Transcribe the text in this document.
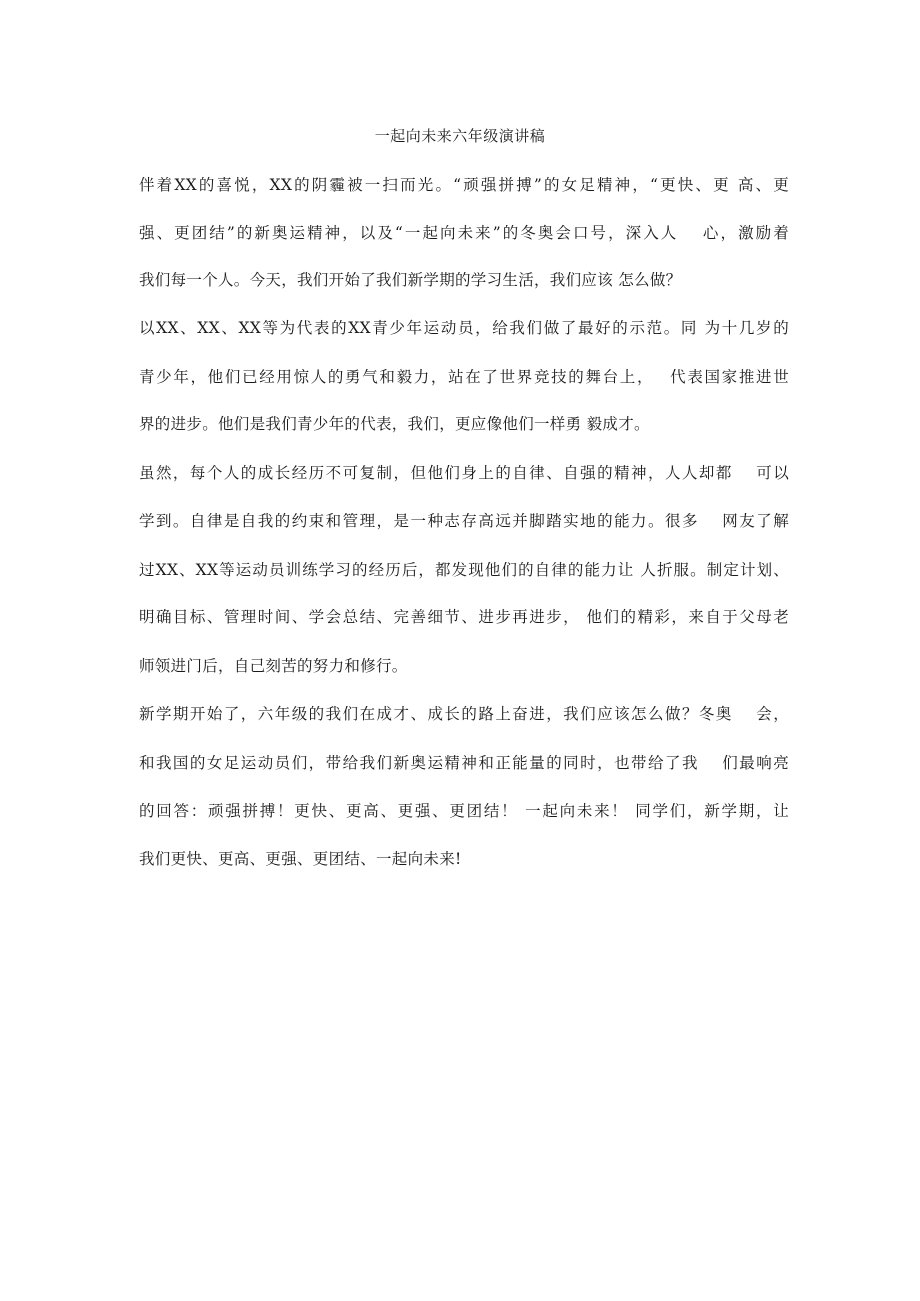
一起向未来六年级演讲稿
伴着XX的喜悦，XX的阴霾被一扫而光。“顽强拼搏”的女足精神，“更快、更 高、更
强、更团结”的新奥运精神，以及“一起向未来”的冬奥会口号，深入人　 心，激励着
我们每一个人。今天，我们开始了我们新学期的学习生活，我们应该 怎么做？
以XX、XX、XX等为代表的XX青少年运动员，给我们做了最好的示范。同 为十几岁的
青少年，他们已经用惊人的勇气和毅力，站在了世界竞技的舞台上，　 代表国家推进世
界的进步。他们是我们青少年的代表，我们，更应像他们一样勇 毅成才。
虽然，每个人的成长经历不可复制，但他们身上的自律、自强的精神，人人却都　 可以
学到。自律是自我的约束和管理，是一种志存高远并脚踏实地的能力。很多　 网友了解
过XX、XX等运动员训练学习的经历后，都发现他们的自律的能力让 人折服。制定计划、
明确目标、管理时间、学会总结、完善细节、进步再进步， 他们的精彩，来自于父母老
师领进门后，自己刻苦的努力和修行。
新学期开始了，六年级的我们在成才、成长的路上奋进，我们应该怎么做？冬奥　 会，
和我国的女足运动员们，带给我们新奥运精神和正能量的同时，也带给了我　 们最响亮
的回答：顽强拼搏！更快、更高、更强、更团结！ 一起向未来！ 同学们，新学期，让
我们更快、更高、更强、更团结、一起向未来!
